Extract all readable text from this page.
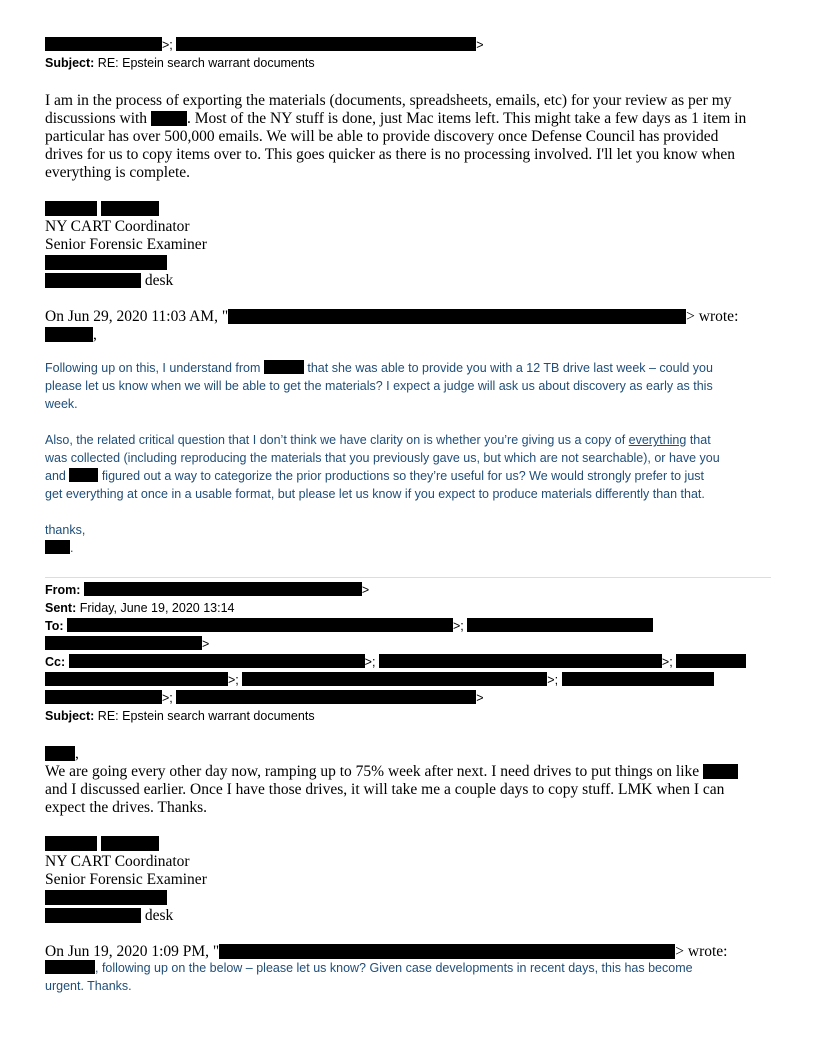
>;	>
Subject: RE: Epstein search warrant documents
I am in the process of exporting the materials (documents, spreadsheets, emails, etc) for your review as per my
discussions with	. Most of the NY stuff is done, just Mac items left. This might take a few days as 1 item in
particular has over 500,000 emails. We will be able to provide discovery once Defense Council has provided
drives for us to copy items over to. This goes quicker as there is no processing involved. I'll let you know when
everything is complete.

NY CART Coordinator
Senior Forensic Examiner
desk
On Jun 29, 2020 11:03 AM, "	> wrote:
,
Following up on this, I understand from	that she was able to provide you with a 12 TB drive last week – could you
please let us know when we will be able to get the materials? I expect a judge will ask us about discovery as early as this
week.
Also, the related critical question that I don’t think we have clarity on is whether you’re giving us a copy of everything that
was collected (including reproducing the materials that you previously gave us, but which are not searchable), or have you
and	figured out a way to categorize the prior productions so they’re useful for us? We would strongly prefer to just
get everything at once in a usable format, but please let us know if you expect to produce materials differently than that.
thanks,
.
From:	>
Sent: Friday, June 19, 2020 13:14
To:	>;
>
Cc:	>;	>;
>;	>;
>;	>
Subject: RE: Epstein search warrant documents
,
We are going every other day now, ramping up to 75% week after next. I need drives to put things on like
and I discussed earlier. Once I have those drives, it will take me a couple days to copy stuff. LMK when I can
expect the drives. Thanks.

NY CART Coordinator
Senior Forensic Examiner
desk
On Jun 19, 2020 1:09 PM, "	> wrote:
, following up on the below – please let us know? Given case developments in recent days, this has become
urgent. Thanks.
